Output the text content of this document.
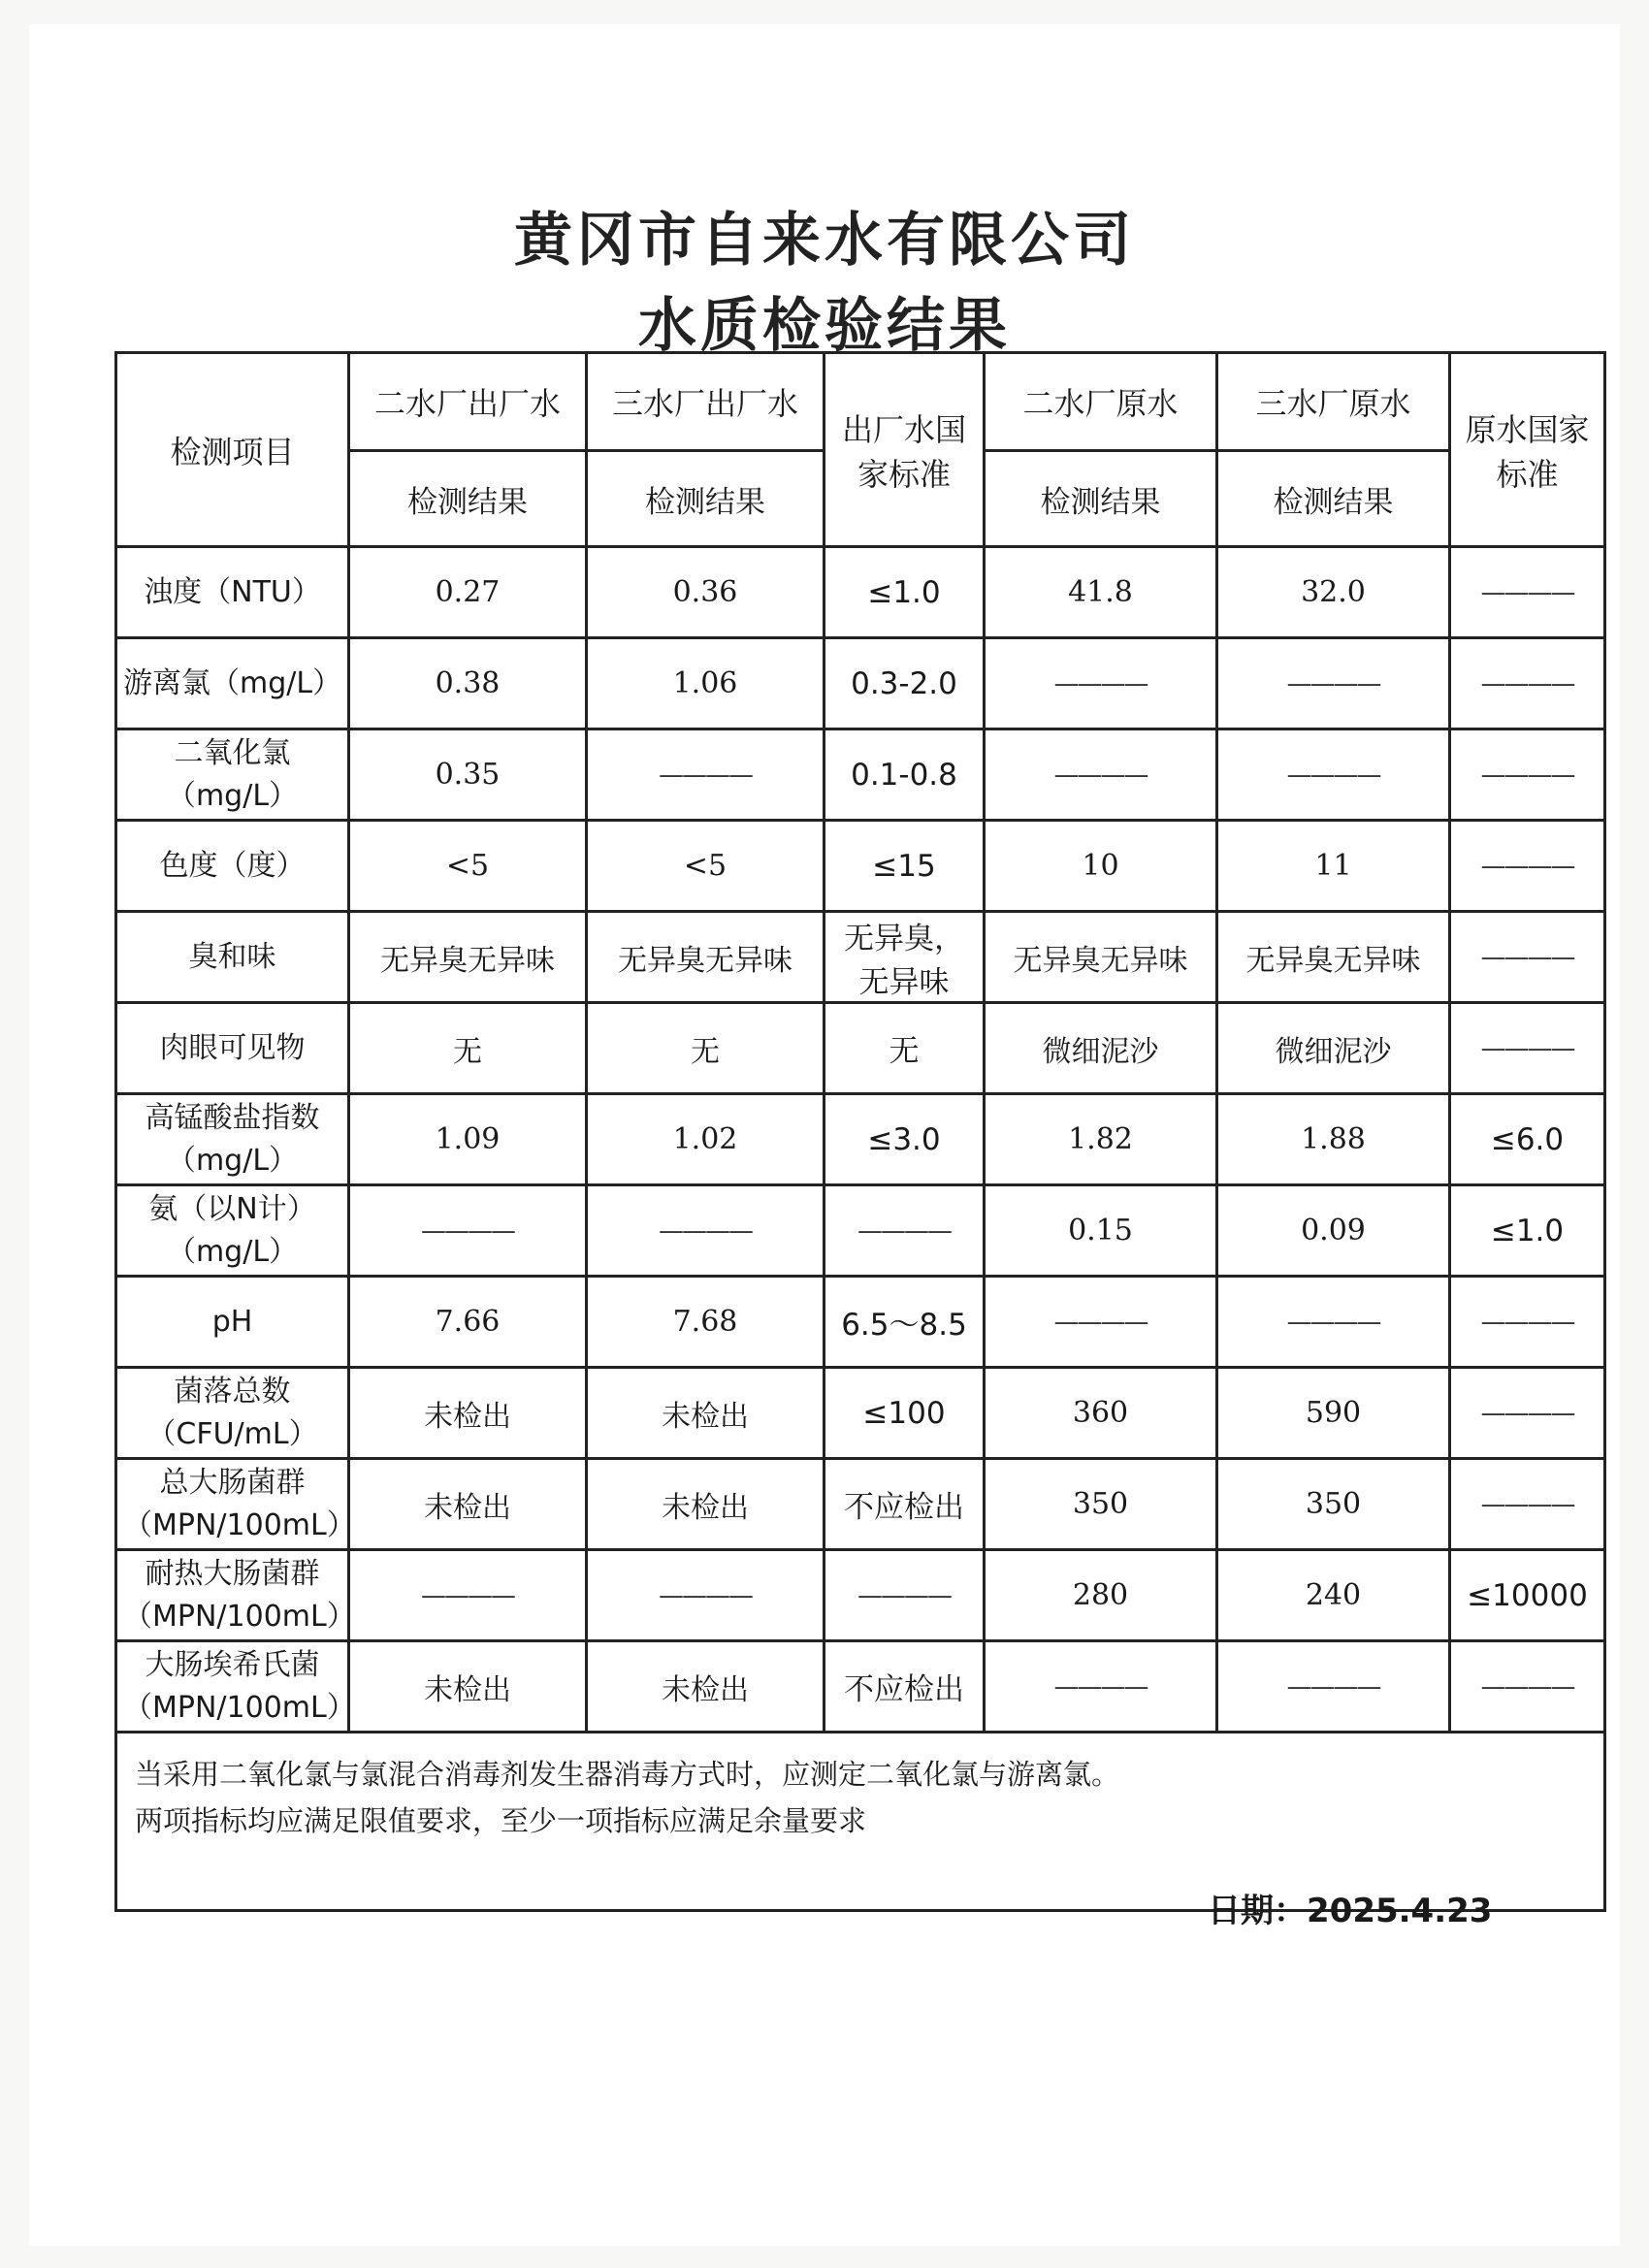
黄冈市自来水有限公司
水质检验结果
检测项目	二水厂出厂水	三水厂出厂水	出厂水国家标准	二水厂原水	三水厂原水	原水国家标准
	检测结果	检测结果		检测结果	检测结果	
浊度（NTU）	0.27	0.36	≤1.0	41.8	32.0	————
游离氯（mg/L）	0.38	1.06	0.3-2.0	————	————	————
二氧化氯（mg/L）	0.35	————	0.1-0.8	————	————	————
色度（度）	<5	<5	≤15	10	11	————
臭和味	无异臭无异味	无异臭无异味	无异臭，无异味	无异臭无异味	无异臭无异味	————
肉眼可见物	无	无	无	微细泥沙	微细泥沙	————
高锰酸盐指数（mg/L）	1.09	1.02	≤3.0	1.82	1.88	≤6.0
氨（以N计）（mg/L）	————	————	————	0.15	0.09	≤1.0
pH	7.66	7.68	6.5～8.5	————	————	————
菌落总数（CFU/mL）	未检出	未检出	≤100	360	590	————
总大肠菌群（MPN/100mL）	未检出	未检出	不应检出	350	350	————
耐热大肠菌群（MPN/100mL）	————	————	————	280	240	≤10000
大肠埃希氏菌（MPN/100mL）	未检出	未检出	不应检出	————	————	————

当采用二氧化氯与氯混合消毒剂发生器消毒方式时，应测定二氧化氯与游离氯。
两项指标均应满足限值要求，至少一项指标应满足余量要求						
日期：2025.4.23
